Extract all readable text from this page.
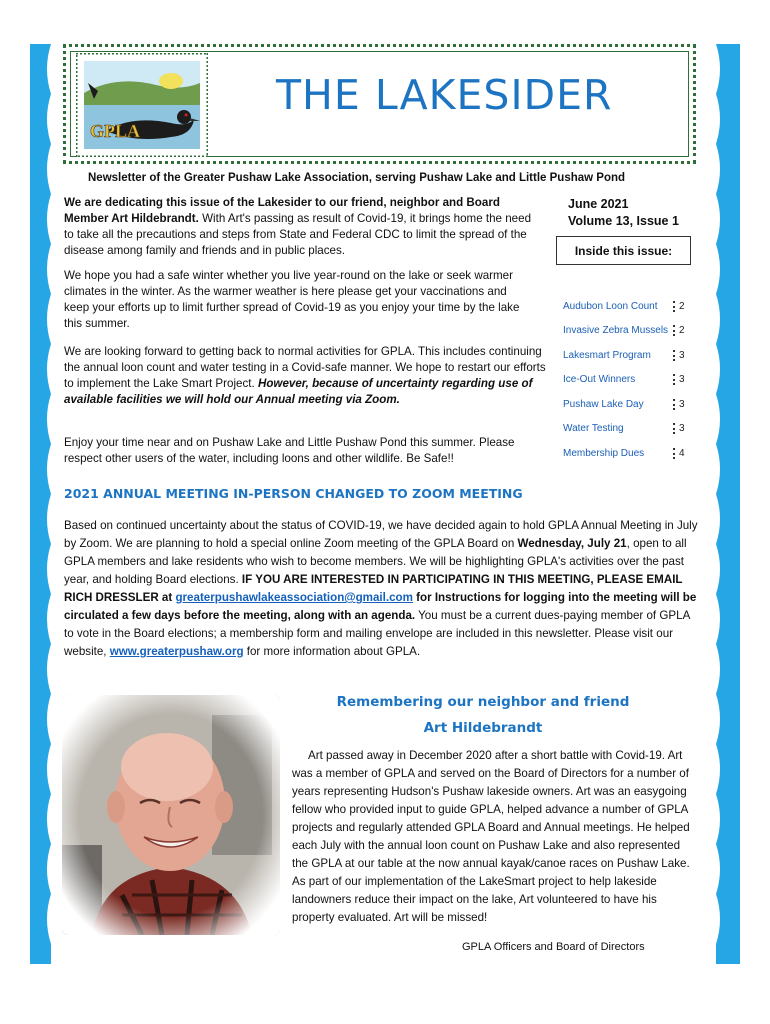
GPLA
THE LAKESIDER
Newsletter of the Greater Pushaw Lake Association, serving Pushaw Lake and Little Pushaw Pond

We are dedicating this issue of the Lakesider to our friend, neighbor and Board Member Art Hildebrandt. With Art's passing as result of Covid-19, it brings home the need to take all the precautions and steps from State and Federal CDC to limit the spread of the disease among family and friends and in public places.

We hope you had a safe winter whether you live year-round on the lake or seek warmer climates in the winter. As the warmer weather is here please get your vaccinations and keep your efforts up to limit further spread of Covid-19 as you enjoy your time by the lake this summer.

We are looking forward to getting back to normal activities for GPLA. This includes continuing the annual loon count and water testing in a Covid-safe manner. We hope to restart our efforts to implement the Lake Smart Project. However, because of uncertainty regarding use of available facilities we will hold our Annual meeting via Zoom.

Enjoy your time near and on Pushaw Lake and Little Pushaw Pond this summer. Please respect other users of the water, including loons and other wildlife. Be Safe!!

June 2021
Volume 13, Issue 1
Inside this issue:
Audubon Loon Count	2
Invasive Zebra Mussels	2
Lakesmart Program	3
Ice-Out Winners	3
Pushaw Lake Day	3
Water Testing	3
Membership Dues	4
2021 ANNUAL MEETING IN-PERSON CHANGED TO ZOOM MEETING

Based on continued uncertainty about the status of COVID-19, we have decided again to hold GPLA Annual Meeting in July by Zoom. We are planning to hold a special online Zoom meeting of the GPLA Board on Wednesday, July 21, open to all GPLA members and lake residents who wish to become members. We will be highlighting GPLA's activities over the past year, and holding Board elections. IF YOU ARE INTERESTED IN PARTICIPATING IN THIS MEETING, PLEASE EMAIL RICH DRESSLER at greaterpushawlakeassociation@gmail.com for Instructions for logging into the meeting will be circulated a few days before the meeting, along with an agenda. You must be a current dues-paying member of GPLA to vote in the Board elections; a membership form and mailing envelope are included in this newsletter. Please visit our website, www.greaterpushaw.org for more information about GPLA.

Remembering our neighbor and friend
Art Hildebrandt

Art passed away in December 2020 after a short battle with Covid-19. Art was a member of GPLA and served on the Board of Directors for a number of years representing Hudson's Pushaw lakeside owners. Art was an easygoing fellow who provided input to guide GPLA, helped advance a number of GPLA projects and regularly attended GPLA Board and Annual meetings. He helped each July with the annual loon count on Pushaw Lake and also represented the GPLA at our table at the now annual kayak/canoe races on Pushaw Lake. As part of our implementation of the LakeSmart project to help lakeside landowners reduce their impact on the lake, Art volunteered to have his property evaluated. Art will be missed!

GPLA Officers and Board of Directors
